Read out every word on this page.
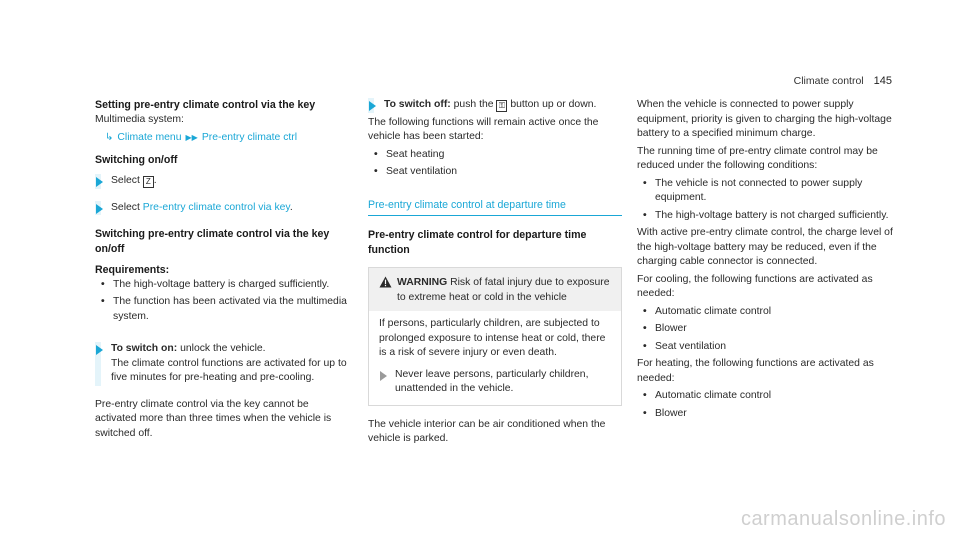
Climate control 145

Setting pre-entry climate control via the key

Multimedia system:

↳ Climate menu ▶▶ Pre-entry climate ctrl

Switching on/off

Select Z .

Select Pre-entry climate control via key.

Switching pre-entry climate control via the key on/off

Requirements:

• The high-voltage battery is charged sufficiently.
• The function has been activated via the multimedia system.

To switch on: unlock the vehicle.

The climate control functions are activated for up to five minutes for pre-heating and pre-cooling.

Pre-entry climate control via the key cannot be activated more than three times when the vehicle is switched off.

To switch off: push the ⚿ button up or down.

The following functions will remain active once the vehicle has been started:

• Seat heating
• Seat ventilation

Pre-entry climate control at departure time

Pre-entry climate control for departure time function

WARNING Risk of fatal injury due to exposure to extreme heat or cold in the vehicle

If persons, particularly children, are subjected to prolonged exposure to intense heat or cold, there is a risk of severe injury or even death.

Never leave persons, particularly children, unattended in the vehicle.

The vehicle interior can be air conditioned when the vehicle is parked.

When the vehicle is connected to power supply equipment, priority is given to charging the high-voltage battery to a specified minimum charge.

The running time of pre-entry climate control may be reduced under the following conditions:

• The vehicle is not connected to power supply equipment.
• The high-voltage battery is not charged sufficiently.

With active pre-entry climate control, the charge level of the high-voltage battery may be reduced, even if the charging cable connector is connected.

For cooling, the following functions are activated as needed:

• Automatic climate control
• Blower
• Seat ventilation

For heating, the following functions are activated as needed:

• Automatic climate control
• Blower
carmanualsonline.info
